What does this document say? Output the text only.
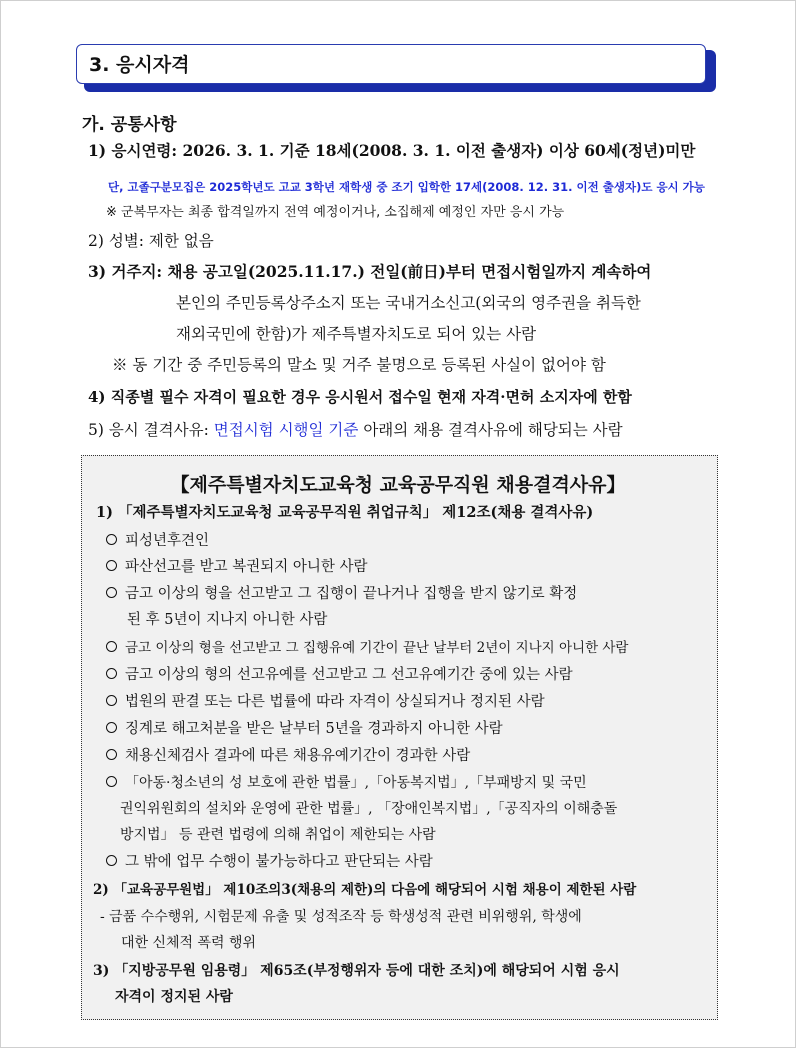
3. 응시자격
가. 공통사항
1) 응시연령: 2026. 3. 1. 기준 18세(2008. 3. 1. 이전 출생자) 이상 60세(정년)미만
단, 고졸구분모집은 2025학년도 고교 3학년 재학생 중 조기 입학한 17세(2008. 12. 31. 이전 출생자)도 응시 가능
※ 군복무자는 최종 합격일까지 전역 예정이거나, 소집해제 예정인 자만 응시 가능
2) 성별: 제한 없음
3) 거주지: 채용 공고일(2025.11.17.) 전일(前日)부터 면접시험일까지 계속하여
본인의 주민등록상주소지 또는 국내거소신고(외국의 영주권을 취득한
재외국민에 한함)가 제주특별자치도로 되어 있는 사람
※ 동 기간 중 주민등록의 말소 및 거주 불명으로 등록된 사실이 없어야 함
4) 직종별 필수 자격이 필요한 경우 응시원서 접수일 현재 자격·면허 소지자에 한함
5) 응시 결격사유: 면접시험 시행일 기준 아래의 채용 결격사유에 해당되는 사람
【제주특별자치도교육청 교육공무직원 채용결격사유】
1) 「제주특별자치도교육청 교육공무직원 취업규칙」 제12조(채용 결격사유)
피성년후견인
파산선고를 받고 복권되지 아니한 사람
금고 이상의 형을 선고받고 그 집행이 끝나거나 집행을 받지 않기로 확정
된 후 5년이 지나지 아니한 사람
금고 이상의 형을 선고받고 그 집행유예 기간이 끝난 날부터 2년이 지나지 아니한 사람
금고 이상의 형의 선고유예를 선고받고 그 선고유예기간 중에 있는 사람
법원의 판결 또는 다른 법률에 따라 자격이 상실되거나 정지된 사람
징계로 해고처분을 받은 날부터 5년을 경과하지 아니한 사람
채용신체검사 결과에 따른 채용유예기간이 경과한 사람
「아동·청소년의 성 보호에 관한 법률」,「아동복지법」,「부패방지 및 국민
권익위원회의 설치와 운영에 관한 법률」, 「장애인복지법」,「공직자의 이해충돌
방지법」 등 관련 법령에 의해 취업이 제한되는 사람
그 밖에 업무 수행이 불가능하다고 판단되는 사람
2) 「교육공무원법」 제10조의3(채용의 제한)의 다음에 해당되어 시험 채용이 제한된 사람
- 금품 수수행위, 시험문제 유출 및 성적조작 등 학생성적 관련 비위행위, 학생에
대한 신체적 폭력 행위
3) 「지방공무원 임용령」 제65조(부정행위자 등에 대한 조치)에 해당되어 시험 응시
자격이 정지된 사람
